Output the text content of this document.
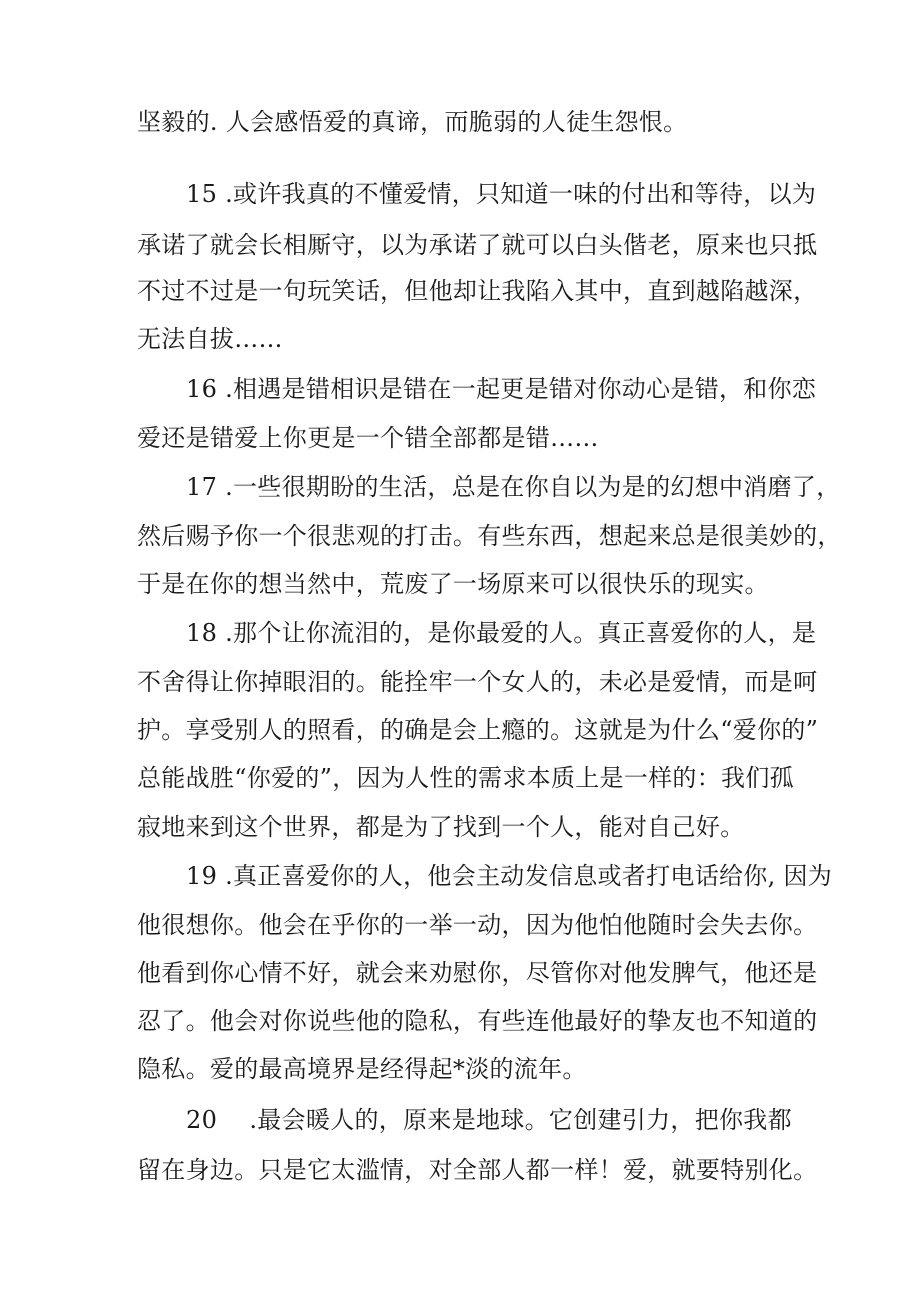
坚毅的. 人会感悟爱的真谛，而脆弱的人徒生怨恨。
15 .或许我真的不懂爱情，只知道一味的付出和等待，以为
承诺了就会长相厮守，以为承诺了就可以白头偕老，原来也只抵
不过不过是一句玩笑话，但他却让我陷入其中，直到越陷越深，
无法自拔……
16 .相遇是错相识是错在一起更是错对你动心是错，和你恋
爱还是错爱上你更是一个错全部都是错……
17 .一些很期盼的生活，总是在你自以为是的幻想中消磨了，
然后赐予你一个很悲观的打击。有些东西，想起来总是很美妙的，
于是在你的想当然中，荒废了一场原来可以很快乐的现实。
18 .那个让你流泪的，是你最爱的人。真正喜爱你的人，是
不舍得让你掉眼泪的。能拴牢一个女人的，未必是爱情，而是呵
护。享受别人的照看，的确是会上瘾的。这就是为什么“爱你的”
总能战胜“你爱的”，因为人性的需求本质上是一样的：我们孤
寂地来到这个世界，都是为了找到一个人，能对自己好。
19 .真正喜爱你的人，他会主动发信息或者打电话给你, 因为
他很想你。他会在乎你的一举一动，因为他怕他随时会失去你。
他看到你心情不好，就会来劝慰你，尽管你对他发脾气，他还是
忍了。他会对你说些他的隐私，有些连他最好的挚友也不知道的
隐私。爱的最高境界是经得起*淡的流年。
20　 .最会暖人的，原来是地球。它创建引力，把你我都
留在身边。只是它太滥情，对全部人都一样！爱，就要特别化。
